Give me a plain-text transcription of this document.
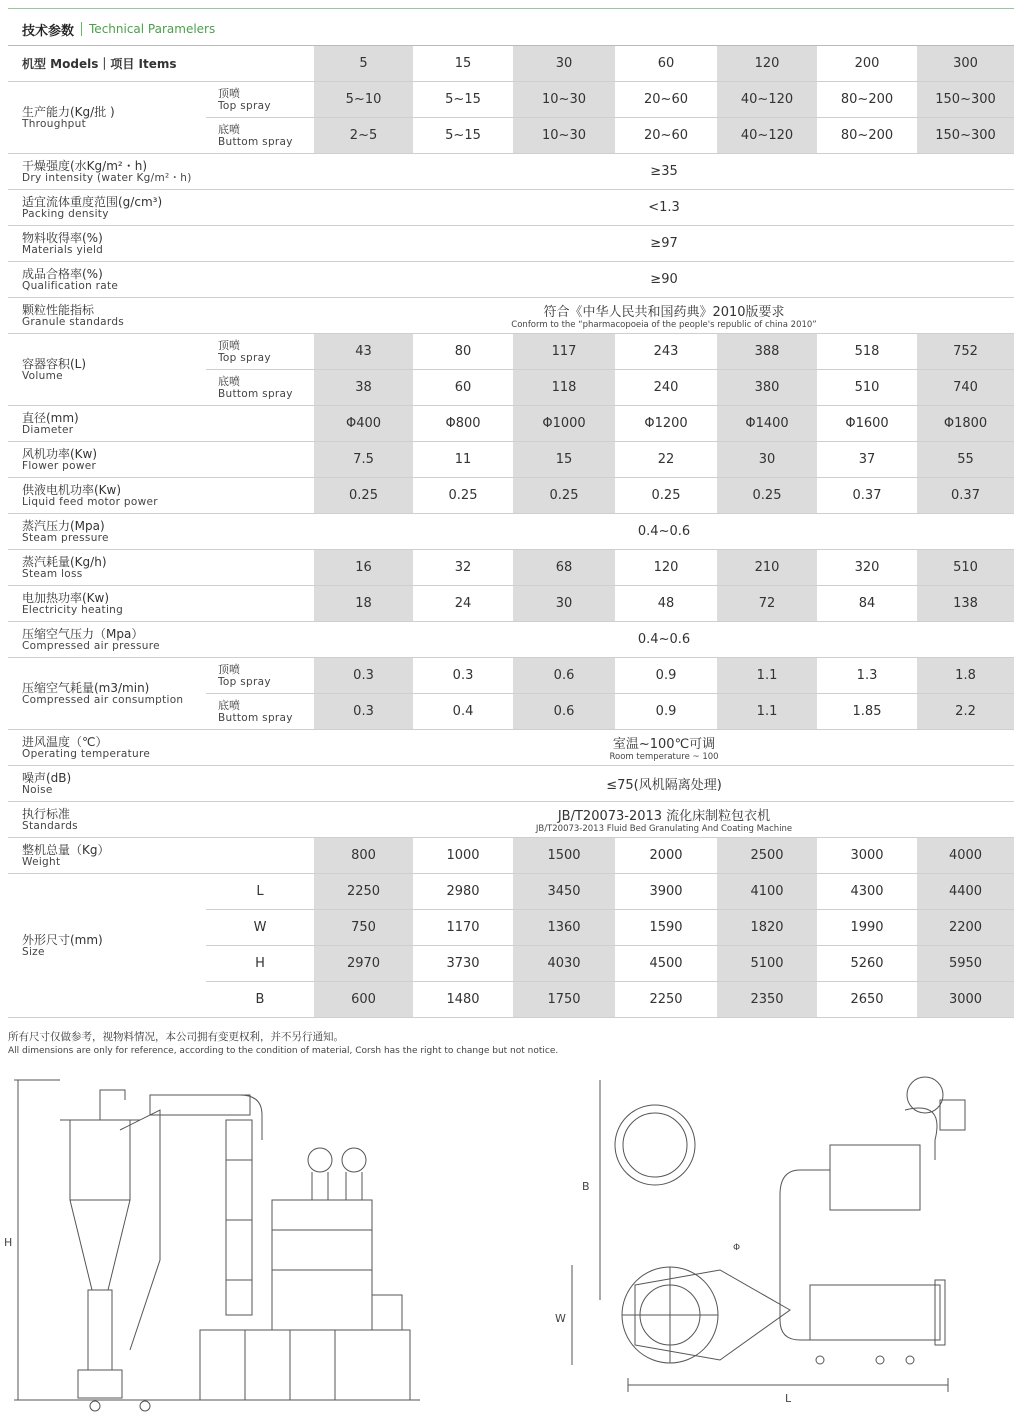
技术参数 Technical Paramelers
机型 Models｜项目 Items		5	15	30	60	120	200	300

生产能力(Kg/批 )
Throughput	顶喷
Top spray	5~10	5~15	10~30	20~60	40~120	80~200	150~300

	底喷
Buttom spray	2~5	5~15	10~30	20~60	40~120	80~200	150~300

干燥强度(水Kg/m²・h)
Dry intensity (water Kg/m²・h)		≥35						

适宜流体重度范围(g/cm³)
Packing density		<1.3						

物料收得率(%)
Materials yield		≥97						

成品合格率(%)
Qualification rate		≥90						

颗粒性能指标
Granule standards		符合《中华人民共和国药典》2010版要求
Conform to the “pharmacopoeia of the people's republic of china 2010”						

容器容积(L)
Volume	顶喷
Top spray	43	80	117	243	388	518	752

	底喷
Buttom spray	38	60	118	240	380	510	740

直径(mm)
Diameter		Φ400	Φ800	Φ1000	Φ1200	Φ1400	Φ1600	Φ1800

风机功率(Kw)
Flower power		7.5	11	15	22	30	37	55

供液电机功率(Kw)
Liquid feed motor power		0.25	0.25	0.25	0.25	0.25	0.37	0.37

蒸汽压力(Mpa)
Steam pressure		0.4~0.6						

蒸汽耗量(Kg/h)
Steam loss		16	32	68	120	210	320	510

电加热功率(Kw)
Electricity heating		18	24	30	48	72	84	138

压缩空气压力（Mpa）
Compressed air pressure		0.4~0.6						

压缩空气耗量(m3/min)
Compressed air consumption	顶喷
Top spray	0.3	0.3	0.6	0.9	1.1	1.3	1.8

	底喷
Buttom spray	0.3	0.4	0.6	0.9	1.1	1.85	2.2

进风温度（℃）
Operating temperature		室温~100℃可调
Room temperature ~ 100						

噪声(dB)
Noise		≤75(风机隔离处理)						

执行标准
Standards		JB/T20073-2013 流化床制粒包衣机
JB/T20073-2013 Fluid Bed Granulating And Coating Machine						

整机总量（Kg）
Weight		800	1000	1500	2000	2500	3000	4000

外形尺寸(mm)
Size	L	2250	2980	3450	3900	4100	4300	4400
	W	750	1170	1360	1590	1820	1990	2200
	H	2970	3730	4030	4500	5100	5260	5950
	B	600	1480	1750	2250	2350	2650	3000
所有尺寸仅做参考，视物料情况，本公司拥有变更权利，并不另行通知。
All dimensions are only for reference, according to the condition of material, Corsh has the right to change but not notice.
H
B
W
L
Φ
